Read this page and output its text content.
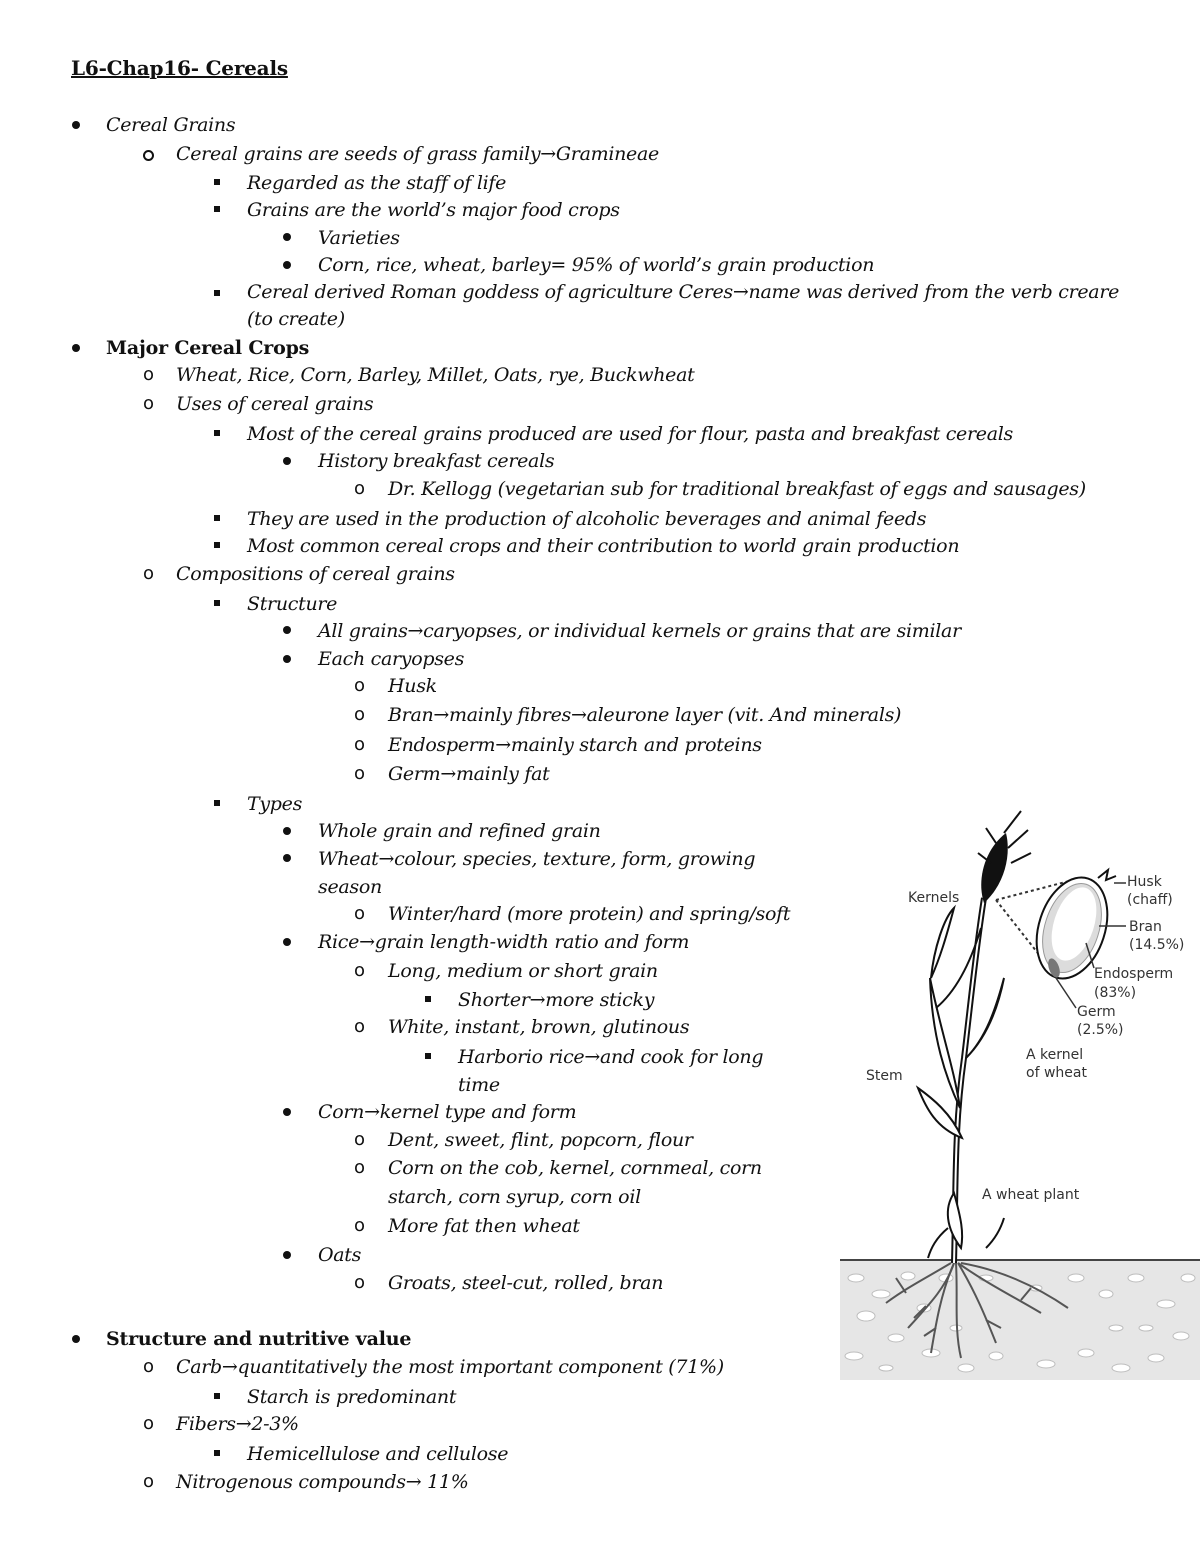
L6-Chap16- Cereals
Cereal Grains
Cereal grains are seeds of grass family→Gramineae
Regarded as the staff of life
Grains are the world’s major food crops
Varieties
Corn, rice, wheat, barley= 95% of world’s grain production
Cereal derived Roman goddess of agriculture Ceres→name was derived from the verb creare (to create)
Major Cereal Crops
o Wheat, Rice, Corn, Barley, Millet, Oats, rye, Buckwheat
o Uses of cereal grains
Most of the cereal grains produced are used for flour, pasta and breakfast cereals
History breakfast cereals
o Dr. Kellogg (vegetarian sub for traditional breakfast of eggs and sausages)
They are used in the production of alcoholic beverages and animal feeds
Most common cereal crops and their contribution to world grain production
o Compositions of cereal grains
Structure
All grains→caryopses, or individual kernels or grains that are similar
Each caryopses
o Husk
o Bran→mainly fibres→aleurone layer (vit. And minerals)
o Endosperm→mainly starch and proteins
o Germ→mainly fat
Types
Whole grain and refined grain
Wheat→colour, species, texture, form, growing season
o Winter/hard (more protein) and spring/soft
Rice→grain length-width ratio and form
o Long, medium or short grain
Shorter→more sticky
o White, instant, brown, glutinous
Harborio rice→and cook for long time
Corn→kernel type and form
o Dent, sweet, flint, popcorn, flour
o Corn on the cob, kernel, cornmeal, corn starch, corn syrup, corn oil
o More fat then wheat
Oats
o Groats, steel-cut, rolled, bran
Structure and nutritive value
o Carb→quantitatively the most important component (71%)
Starch is predominant
o Fibers→2-3%
Hemicellulose and cellulose
o Nitrogenous compounds→ 11%
Kernels
Husk
(chaff)
Bran
(14.5%)
Endosperm
(83%)
Germ
(2.5%)
A kernel
of wheat
Stem
A wheat plant
